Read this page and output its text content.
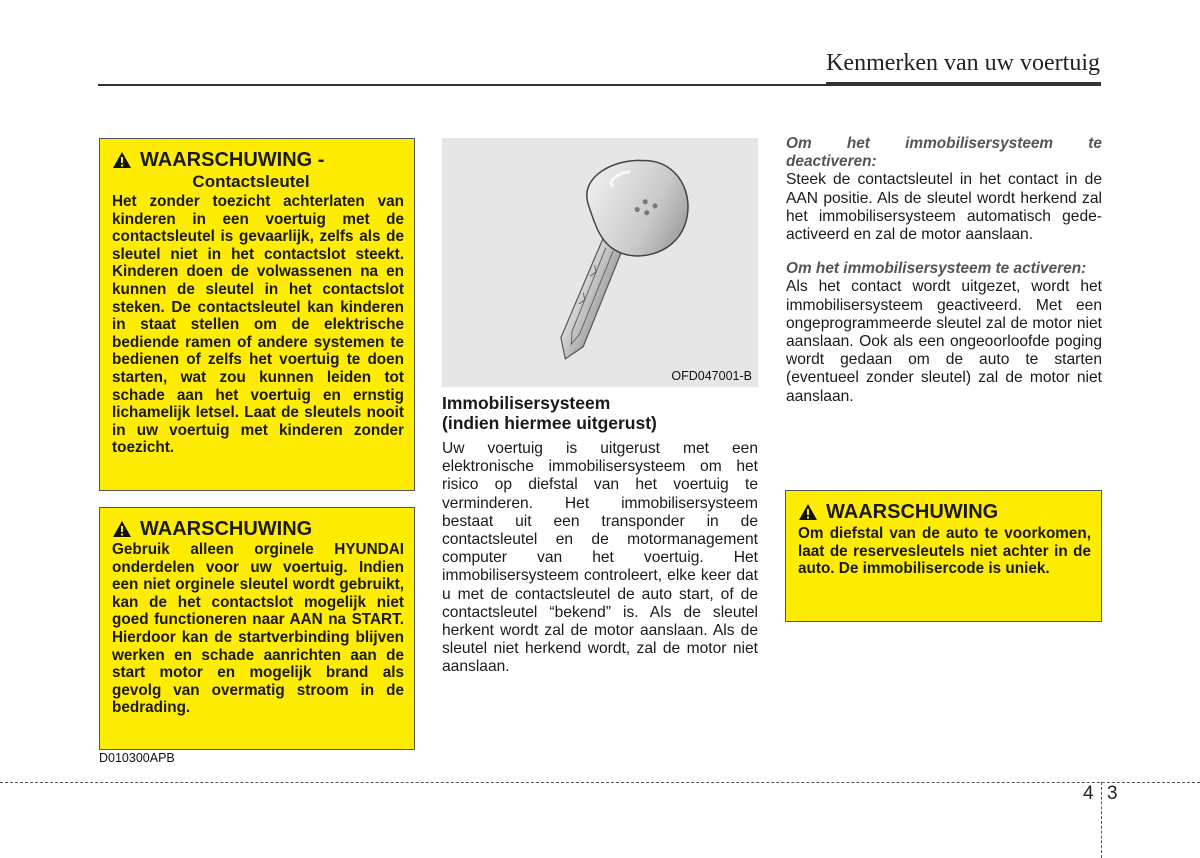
Kenmerken van uw voertuig
WAARSCHUWING -
Contactsleutel
Het zonder toezicht achterlaten van kinderen in een voertuig met de contactsleutel is gevaarlijk, zelfs als de sleutel niet in het contactslot steekt. Kinderen doen de volwassenen na en kunnen de sleutel in het contactslot steken. De contactsleutel kan kinderen in staat stellen om de elektrische bediende ramen of andere systemen te bedienen of zelfs het voertuig te doen starten, wat zou kunnen leiden tot schade aan het voertuig en ernstig lichamelijk letsel. Laat de sleutels nooit in uw voertuig met kinderen zonder toezicht.
WAARSCHUWING
Gebruik alleen orginele HYUNDAI onderdelen voor uw voertuig. Indien een niet orginele sleutel wordt gebruikt, kan de het contactslot mogelijk niet goed functioneren naar AAN na START. Hierdoor kan de startverbinding blijven werken en schade aanrichten aan de start motor en mogelijk brand als gevolg van overmatig stroom in de bedrading.
D010300APB
OFD047001-B
Immobilisersysteem
(indien hiermee uitgerust)
Uw voertuig is uitgerust met een elektronische immobilisersysteem om het risico op diefstal van het voertuig te verminderen. Het immobilisersysteem bestaat uit een transponder in de contactsleutel en de motormanagement computer van het voertuig. Het immobilisersysteem controleert, elke keer dat u met de contactsleutel de auto start, of de contactsleutel “bekend” is. Als de sleutel herkent wordt zal de motor aanslaan. Als de sleutel niet herkend wordt, zal de motor niet aanslaan.
Om het immobilisersysteem te deactiveren:
Steek de contactsleutel in het contact in de AAN positie. Als de sleutel wordt herkend zal het immobilisersysteem automatisch gede-activeerd en zal de motor aanslaan.
Om het immobilisersysteem te activeren:
Als het contact wordt uitgezet, wordt het immobilisersysteem geactiveerd. Met een ongeprogrammeerde sleutel zal de motor niet aanslaan. Ook als een ongeoorloofde poging wordt gedaan om de auto te starten (eventueel zonder sleutel) zal de motor niet aanslaan.
WAARSCHUWING
Om diefstal van de auto te voorkomen, laat de reservesleutels niet achter in de auto. De immobilisercode is uniek.
4 3
